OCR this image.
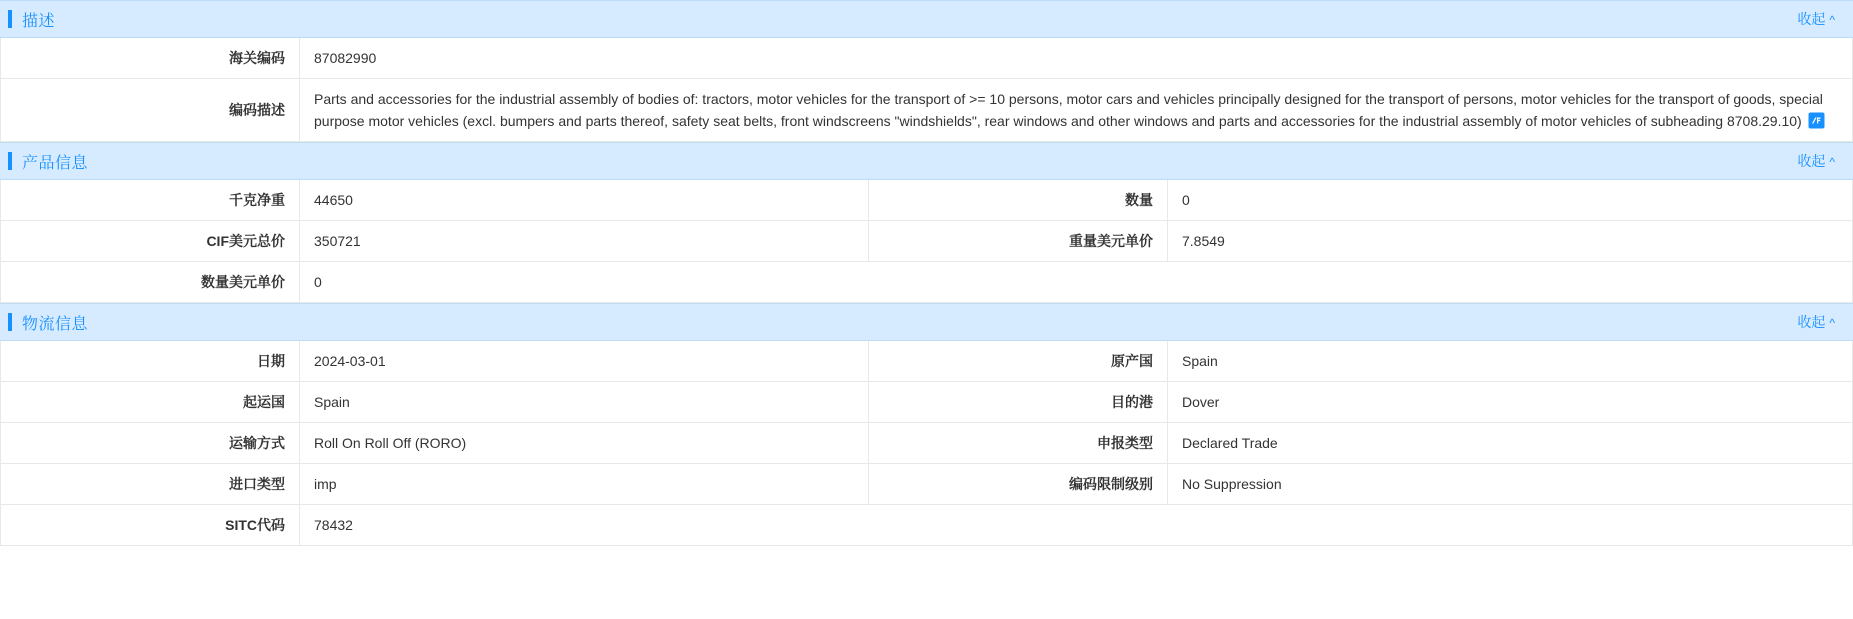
描述	收起 ^
海关编码	87082990
编码描述	Parts and accessories for the industrial assembly of bodies of: tractors, motor vehicles for the transport of >= 10 persons, motor cars and vehicles principally designed for the transport of persons, motor vehicles for the transport of goods, special purpose motor vehicles (excl. bumpers and parts thereof, safety seat belts, front windscreens "windshields", rear windows and other windows and parts and accessories for the industrial assembly of motor vehicles of subheading 8708.29.10)
产品信息	收起 ^
千克净重	44650	数量	0
CIF美元总价	350721	重量美元单价	7.8549
数量美元单价	0		
物流信息	收起 ^
日期	2024-03-01	原产国	Spain
起运国	Spain	目的港	Dover
运输方式	Roll On Roll Off (RORO)	申报类型	Declared Trade
进口类型	imp	编码限制级别	No Suppression
SITC代码	78432		
